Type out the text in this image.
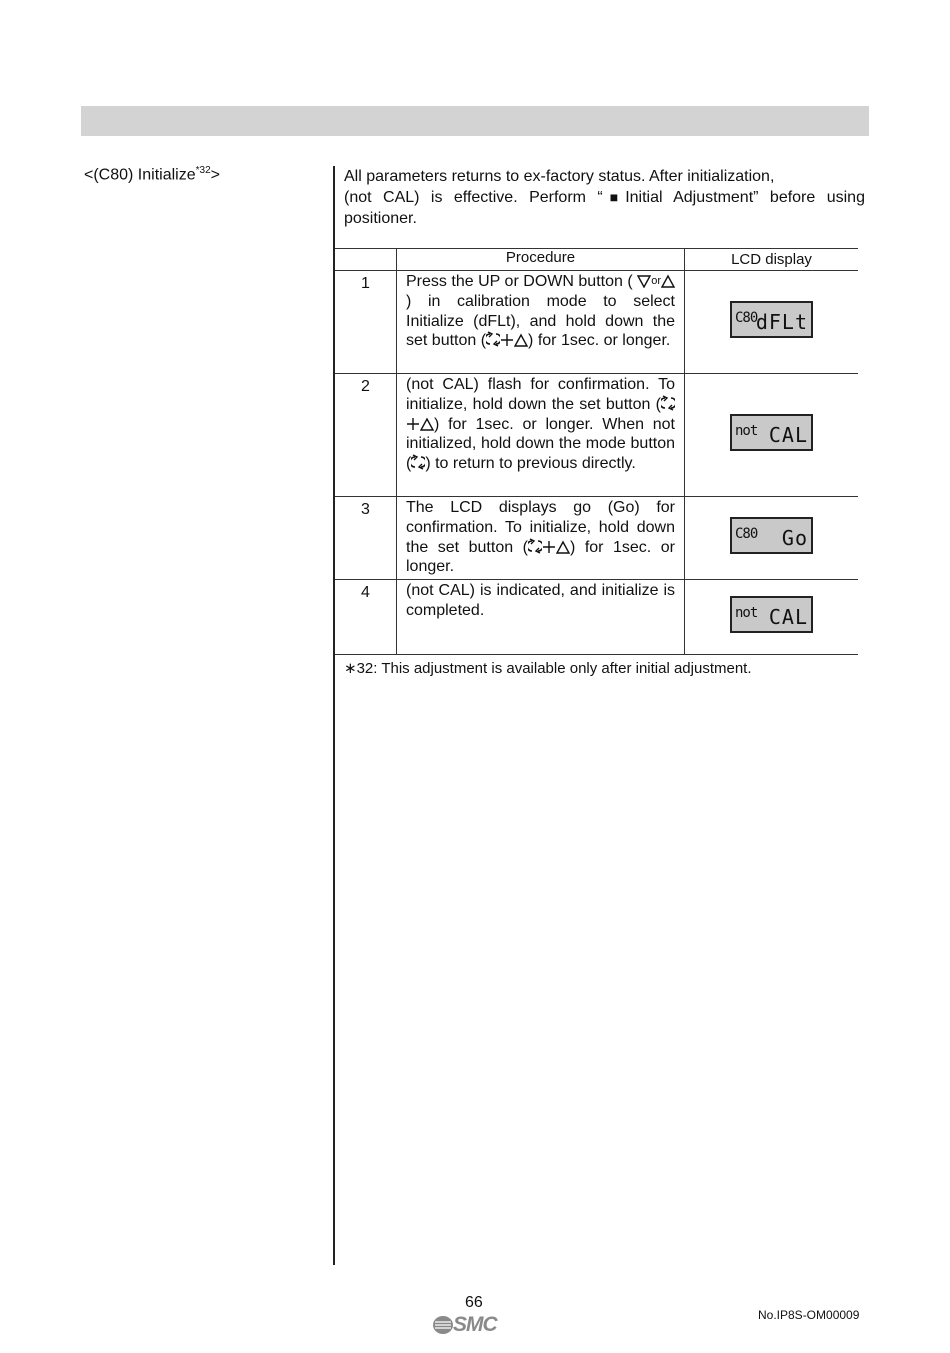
<(C80) Initialize$^{*32}$>	All parameters returns to ex-factory status. After initialization,

(not CAL) is effective. Perform “■Initial Adjustment” before using positioner.

	Procedure	LCD display
1	Press the UP or DOWN button ( or
) in calibration mode to select Initialize (dFLt), and hold down the set button ( ) for 1sec. or longer.	C80
dFLt

2	(not CAL) flash for confirmation. To initialize, hold down the set button (
) for 1sec. or longer. When not initialized, hold down the mode button ( ) to return to previous directly.	not CAL

3	The LCD displays go (Go) for confirmation. To initialize, hold down the set button ( ) for 1sec. or longer.	C80 Go

4	(not CAL) is indicated, and initialize is completed.	not CAL
∗32: This adjustment is available only after initial adjustment.
66
SMC	No.IP8S-OM00009
